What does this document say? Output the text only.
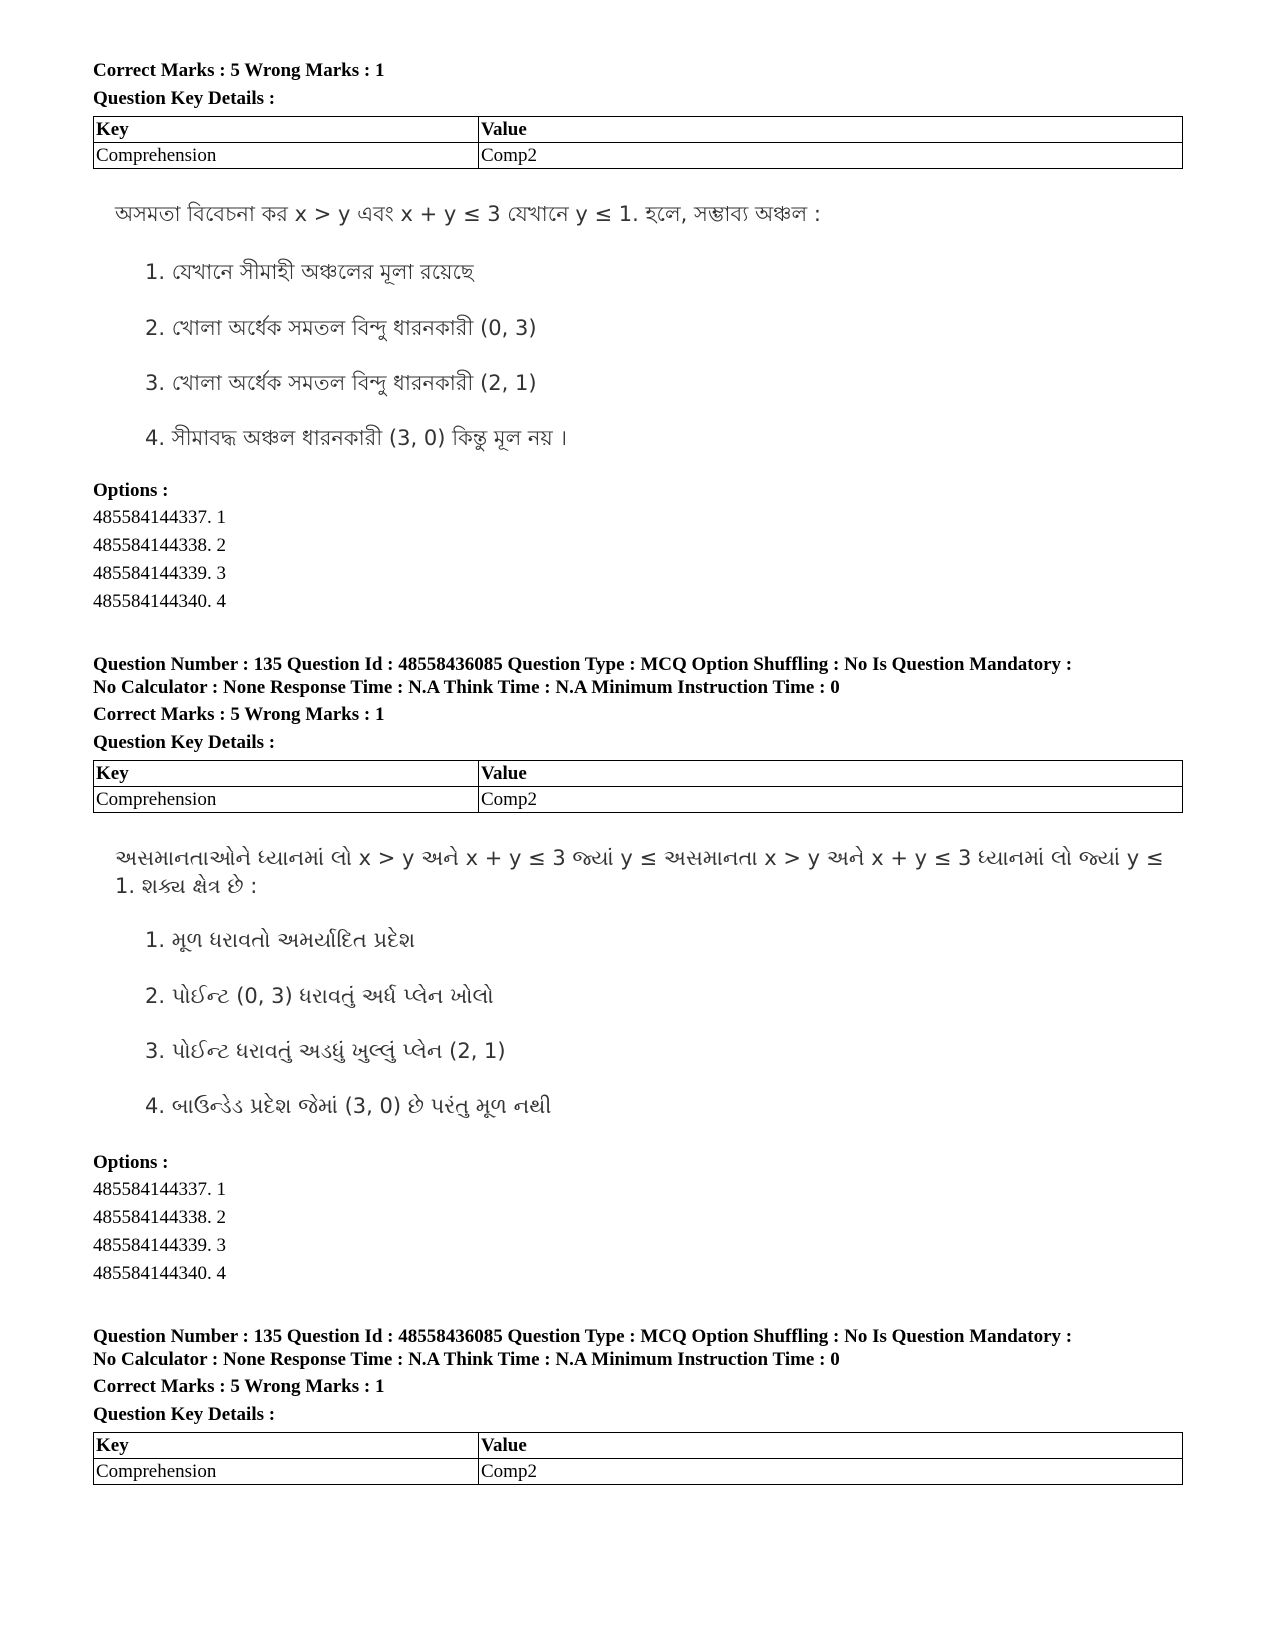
Correct Marks : 5 Wrong Marks : 1
Question Key Details :
Key	Value
Comprehension	Comp2
অসমতা বিবেচনা কর x > y এবং x + y ≤ 3 যেখানে y ≤ 1. হলে, সম্ভাব্য অঞ্চল :
1. যেখানে সীমাহী অঞ্চলের মূলা রয়েছে
2. খোলা অর্ধেক সমতল বিন্দু ধারনকারী (0, 3)
3. খোলা অর্ধেক সমতল বিন্দু ধারনকারী (2, 1)
4. সীমাবদ্ধ অঞ্চল ধারনকারী (3, 0) কিন্তু মূল নয় ।
Options :
485584144337. 1
485584144338. 2
485584144339. 3
485584144340. 4
Question Number : 135 Question Id : 48558436085 Question Type : MCQ Option Shuffling : No Is Question Mandatory :
No Calculator : None Response Time : N.A Think Time : N.A Minimum Instruction Time : 0
Correct Marks : 5 Wrong Marks : 1
Question Key Details :
Key	Value
Comprehension	Comp2
અસમાનતાઓને ધ્યાનમાં લો x > y અને x + y ≤ 3 જ્યાં y ≤ અસમાનતા x > y અને x + y ≤ 3 ધ્યાનમાં લો જ્યાં y ≤ 1. શક્ય ક્ષેત્ર છે :
1. મૂળ ધરાવતો અમર્યાદિત પ્રદેશ
2. પોઈન્ટ (0, 3) ધરાવતું અર્ધ પ્લેન ખોલો
3. પોઈન્ટ ધરાવતું અડધું ખુલ્લું પ્લેન (2, 1)
4. બાઉન્ડેડ પ્રદેશ જેમાં (3, 0) છે પરંતુ મૂળ નથી
Options :
485584144337. 1
485584144338. 2
485584144339. 3
485584144340. 4
Question Number : 135 Question Id : 48558436085 Question Type : MCQ Option Shuffling : No Is Question Mandatory :
No Calculator : None Response Time : N.A Think Time : N.A Minimum Instruction Time : 0
Correct Marks : 5 Wrong Marks : 1
Question Key Details :
Key	Value
Comprehension	Comp2
